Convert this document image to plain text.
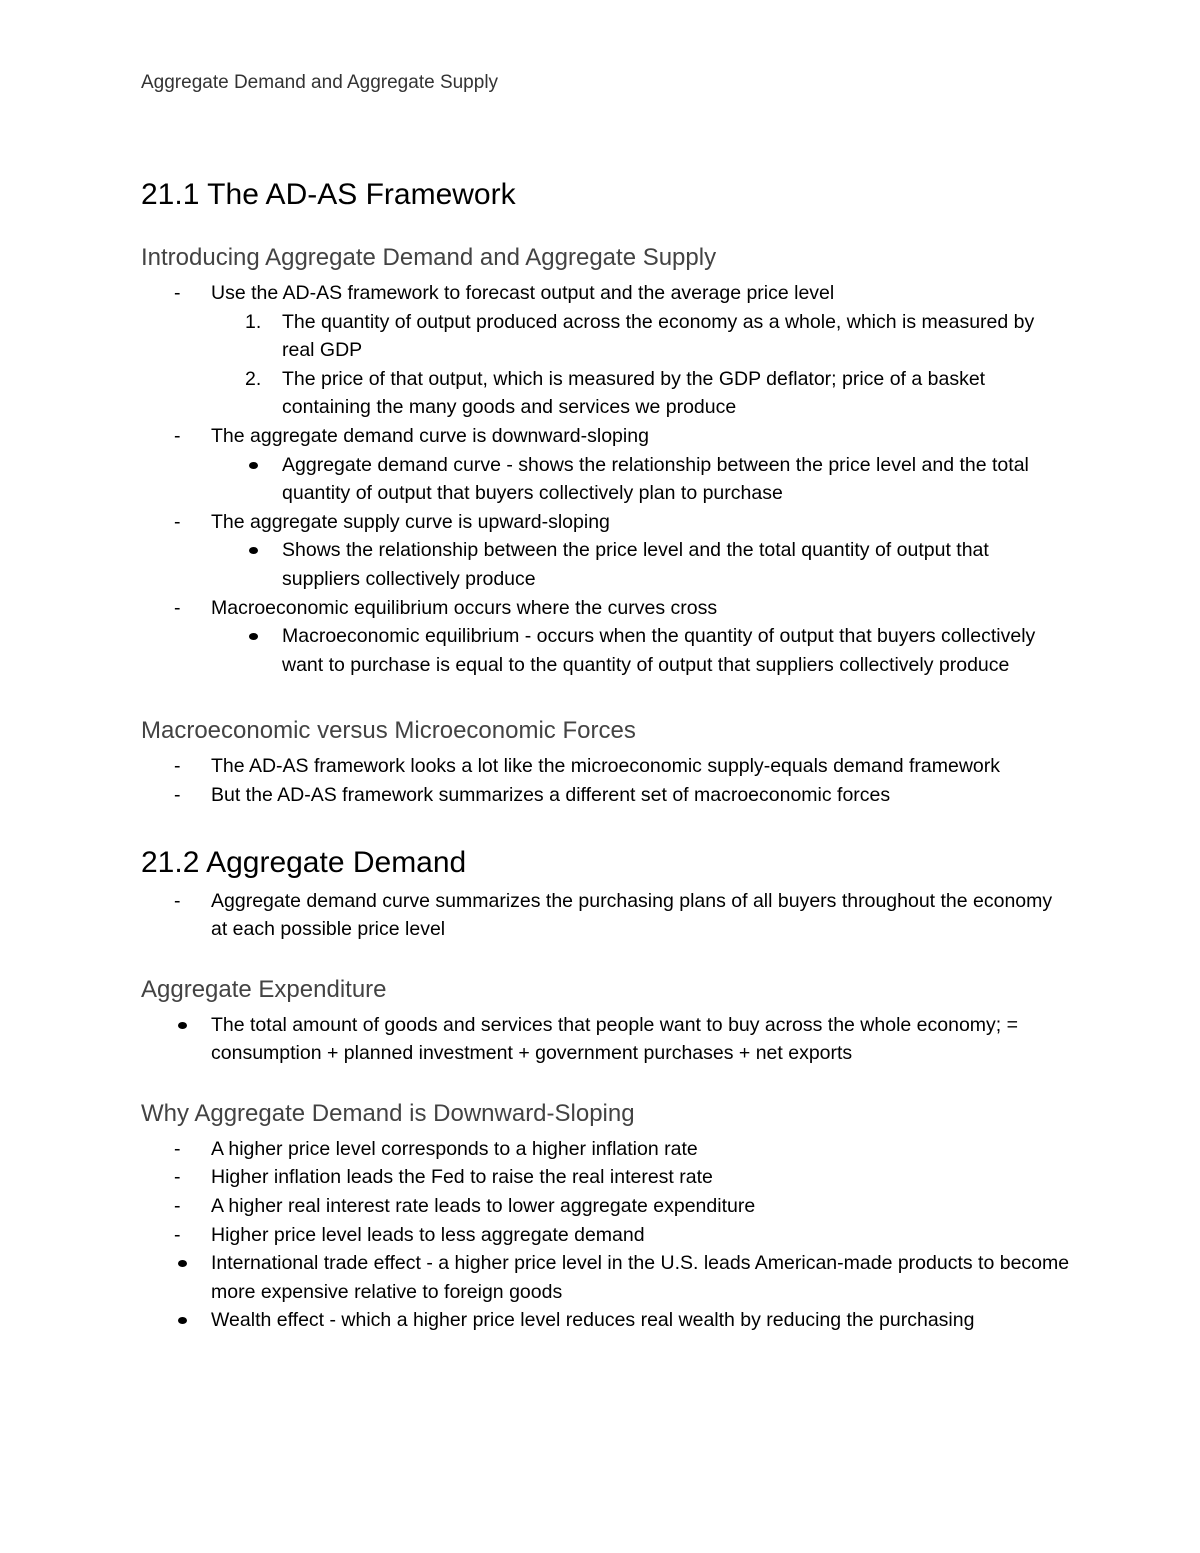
Aggregate Demand and Aggregate Supply
21.1 The AD-AS Framework
Introducing Aggregate Demand and Aggregate Supply
- Use the AD-AS framework to forecast output and the average price level
1. The quantity of output produced across the economy as a whole, which is measured by real GDP
2. The price of that output, which is measured by the GDP deflator; price of a basket containing the many goods and services we produce
- The aggregate demand curve is downward-sloping
Aggregate demand curve - shows the relationship between the price level and the total quantity of output that buyers collectively plan to purchase
- The aggregate supply curve is upward-sloping
Shows the relationship between the price level and the total quantity of output that suppliers collectively produce
- Macroeconomic equilibrium occurs where the curves cross
Macroeconomic equilibrium - occurs when the quantity of output that buyers collectively want to purchase is equal to the quantity of output that suppliers collectively produce
Macroeconomic versus Microeconomic Forces
- The AD-AS framework looks a lot like the microeconomic supply-equals demand framework
- But the AD-AS framework summarizes a different set of macroeconomic forces
21.2 Aggregate Demand
- Aggregate demand curve summarizes the purchasing plans of all buyers throughout the economy at each possible price level
Aggregate Expenditure
The total amount of goods and services that people want to buy across the whole economy; = consumption + planned investment + government purchases + net exports
Why Aggregate Demand is Downward-Sloping
- A higher price level corresponds to a higher inflation rate
- Higher inflation leads the Fed to raise the real interest rate
- A higher real interest rate leads to lower aggregate expenditure
- Higher price level leads to less aggregate demand
International trade effect - a higher price level in the U.S. leads American-made products to become more expensive relative to foreign goods
Wealth effect - which a higher price level reduces real wealth by reducing the purchasing
